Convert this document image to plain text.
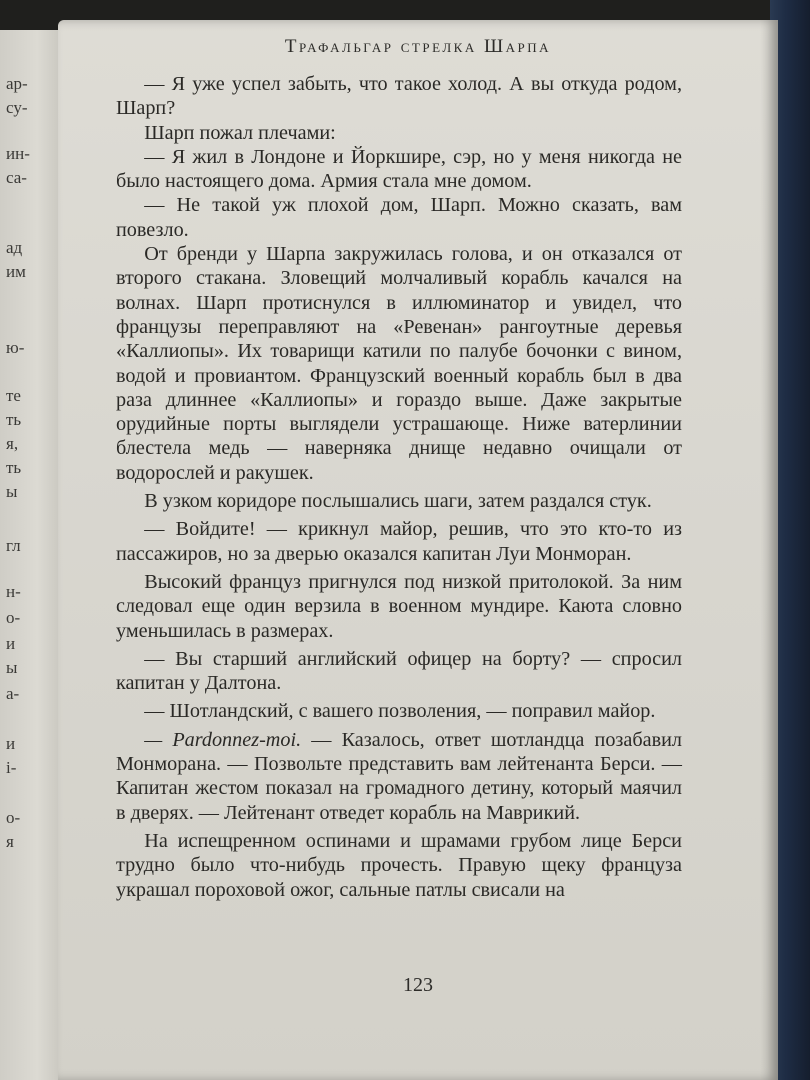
ар-
су-
ин-
са-
ад
им
ю-
те
ть
я,
ть
ы
гл
н-
о-
и
ы
а-
и
і-
о-
я
Трафальгар стрелка Шарпа

— Я уже успел забыть, что такое холод. А вы откуда родом, Шарп?

Шарп пожал плечами:

— Я жил в Лондоне и Йоркшире, сэр, но у меня никогда не было настоящего дома. Армия стала мне домом.

— Не такой уж плохой дом, Шарп. Можно сказать, вам повезло.

От бренди у Шарпа закружилась голова, и он отказался от второго стакана. Зловещий молчаливый корабль качался на волнах. Шарп протиснулся в иллюминатор и увидел, что французы переправляют на «Ревенан» рангоутные деревья «Каллиопы». Их товарищи катили по палубе бочонки с вином, водой и провиантом. Французский военный корабль был в два раза длиннее «Каллиопы» и гораздо выше. Даже закрытые орудийные порты выглядели устрашающе. Ниже ватерлинии блестела медь — наверняка днище недавно очищали от водорослей и ракушек.

В узком коридоре послышались шаги, затем раздался стук.

— Войдите! — крикнул майор, решив, что это кто-то из пассажиров, но за дверью оказался капитан Луи Монморан.

Высокий француз пригнулся под низкой притолокой. За ним следовал еще один верзила в военном мундире. Каюта словно уменьшилась в размерах.

— Вы старший английский офицер на борту? — спросил капитан у Далтона.

— Шотландский, с вашего позволения, — поправил майор.

— Pardonnez-moi. — Казалось, ответ шотландца позабавил Монморана. — Позвольте представить вам лейтенанта Берси. — Капитан жестом показал на громадного детину, который маячил в дверях. — Лейтенант отведет корабль на Маврикий.

На испещренном оспинами и шрамами грубом лице Берси трудно было что-нибудь прочесть. Правую щеку француза украшал пороховой ожог, сальные патлы свисали на

123
